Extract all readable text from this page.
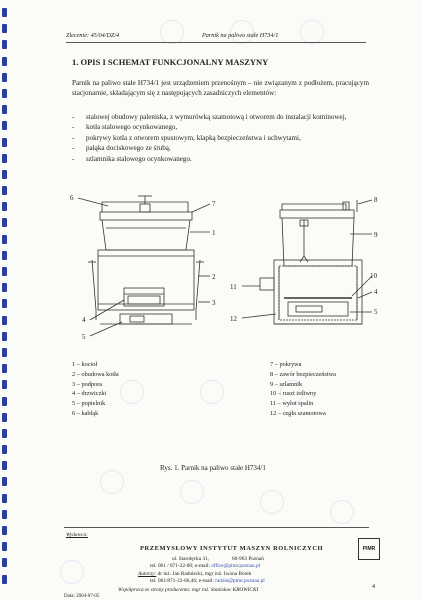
Zlecenie: 45/04/DZ/4	Parnik na paliwo stałe H734/1
1. OPIS I SCHEMAT FUNKCJONALNY MASZYNY
Parnik na paliwo stałe H734/1 jest urządzeniem przenośnym – nie związanym z podłożem, pracującym stacjonarnie, składającym się z następujących zasadniczych elementów:
- stalowej obudowy paleniska, z wymurówką szamotową i otworem do instalacji kominowej,
- kotła stalowego ocynkowanego,
- pokrywy kotła z otworem spustowym, klapką bezpieczeństwa i uchwytami,
- pałąka dociskowego ze śrubą,
- szlamnika stalowego ocynkowanego.
6
7
1
2
3
4
5
8
9
10
11
4
5
12
1 – kocioł
2 – obudowa kotła
3 – podpora
4 – drzwiczki
5 – popielnik
6 – kabłąk
7 – pokrywa
8 – zawór bezpieczeństwa
9 – szlamnik
10 – ruszt żeliwny
11 – wylot spalin
12 – cegła szamotowa
Rys. 1. Parnik na paliwo stałe H734/1
Wydawca:
PRZEMYSŁOWY INSTYTUT MASZYN ROLNICZYCH
ul. Starołęcka 31,	60-963 Poznań
tel. 061 / 871-22-00; e-mail: office@pimr.poznan.pl
Autorzy: dr inż. Jan Radniecki, mgr inż. Iwona Borek
tel. 061/871-22-66,46; e-mail: radzie@pimr.poznan.pl
Współpraca ze strony producenta: mgr inż. Stanisław KROWICKI
PIMR
4
Data: 2004-07-05
